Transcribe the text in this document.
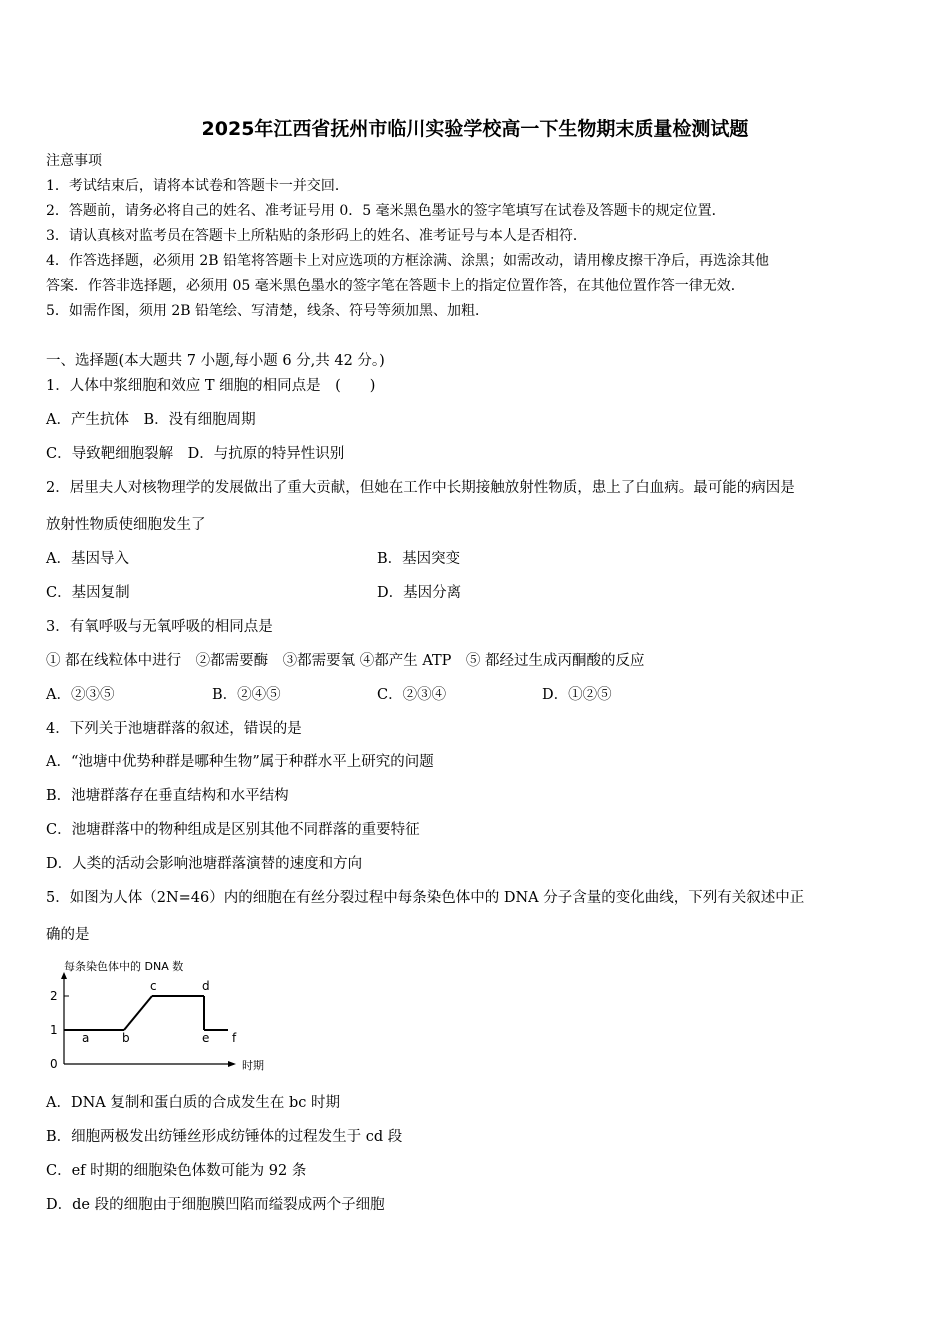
2025年江西省抚州市临川实验学校高一下生物期末质量检测试题
注意事项
1．考试结束后，请将本试卷和答题卡一并交回．
2．答题前，请务必将自己的姓名、准考证号用 0．5 毫米黑色墨水的签字笔填写在试卷及答题卡的规定位置．
3．请认真核对监考员在答题卡上所粘贴的条形码上的姓名、准考证号与本人是否相符．
4．作答选择题，必须用 2B 铅笔将答题卡上对应选项的方框涂满、涂黑；如需改动，请用橡皮擦干净后，再选涂其他
答案．作答非选择题，必须用 05 毫米黑色墨水的签字笔在答题卡上的指定位置作答，在其他位置作答一律无效．
5．如需作图，须用 2B 铅笔绘、写清楚，线条、符号等须加黑、加粗．
一、选择题(本大题共 7 小题,每小题 6 分,共 42 分。)
1．人体中浆细胞和效应 T 细胞的相同点是　(　　)
A．产生抗体　B．没有细胞周期
C．导致靶细胞裂解　D．与抗原的特异性识别
2．居里夫人对核物理学的发展做出了重大贡献，但她在工作中长期接触放射性物质，患上了白血病。最可能的病因是
放射性物质使细胞发生了
A．基因导入	B．基因突变
C．基因复制	D．基因分离
3．有氧呼吸与无氧呼吸的相同点是
① 都在线粒体中进行　②都需要酶　③都需要氧 ④都产生 ATP　⑤ 都经过生成丙酮酸的反应
A．②③⑤	B．②④⑤	C．②③④	D．①②⑤
4．下列关于池塘群落的叙述，错误的是
A．“池塘中优势种群是哪种生物”属于种群水平上研究的问题
B．池塘群落存在垂直结构和水平结构
C．池塘群落中的物种组成是区别其他不同群落的重要特征
D．人类的活动会影响池塘群落演替的速度和方向
5．如图为人体（2N=46）内的细胞在有丝分裂过程中每条染色体中的 DNA 分子含量的变化曲线，下列有关叙述中正
确的是
每条染色体中的 DNA 数
时期
0
1
2
a	b
c	d
e f
A．DNA 复制和蛋白质的合成发生在 bc 时期
B．细胞两极发出纺锤丝形成纺锤体的过程发生于 cd 段
C．ef 时期的细胞染色体数可能为 92 条
D．de 段的细胞由于细胞膜凹陷而缢裂成两个子细胞
